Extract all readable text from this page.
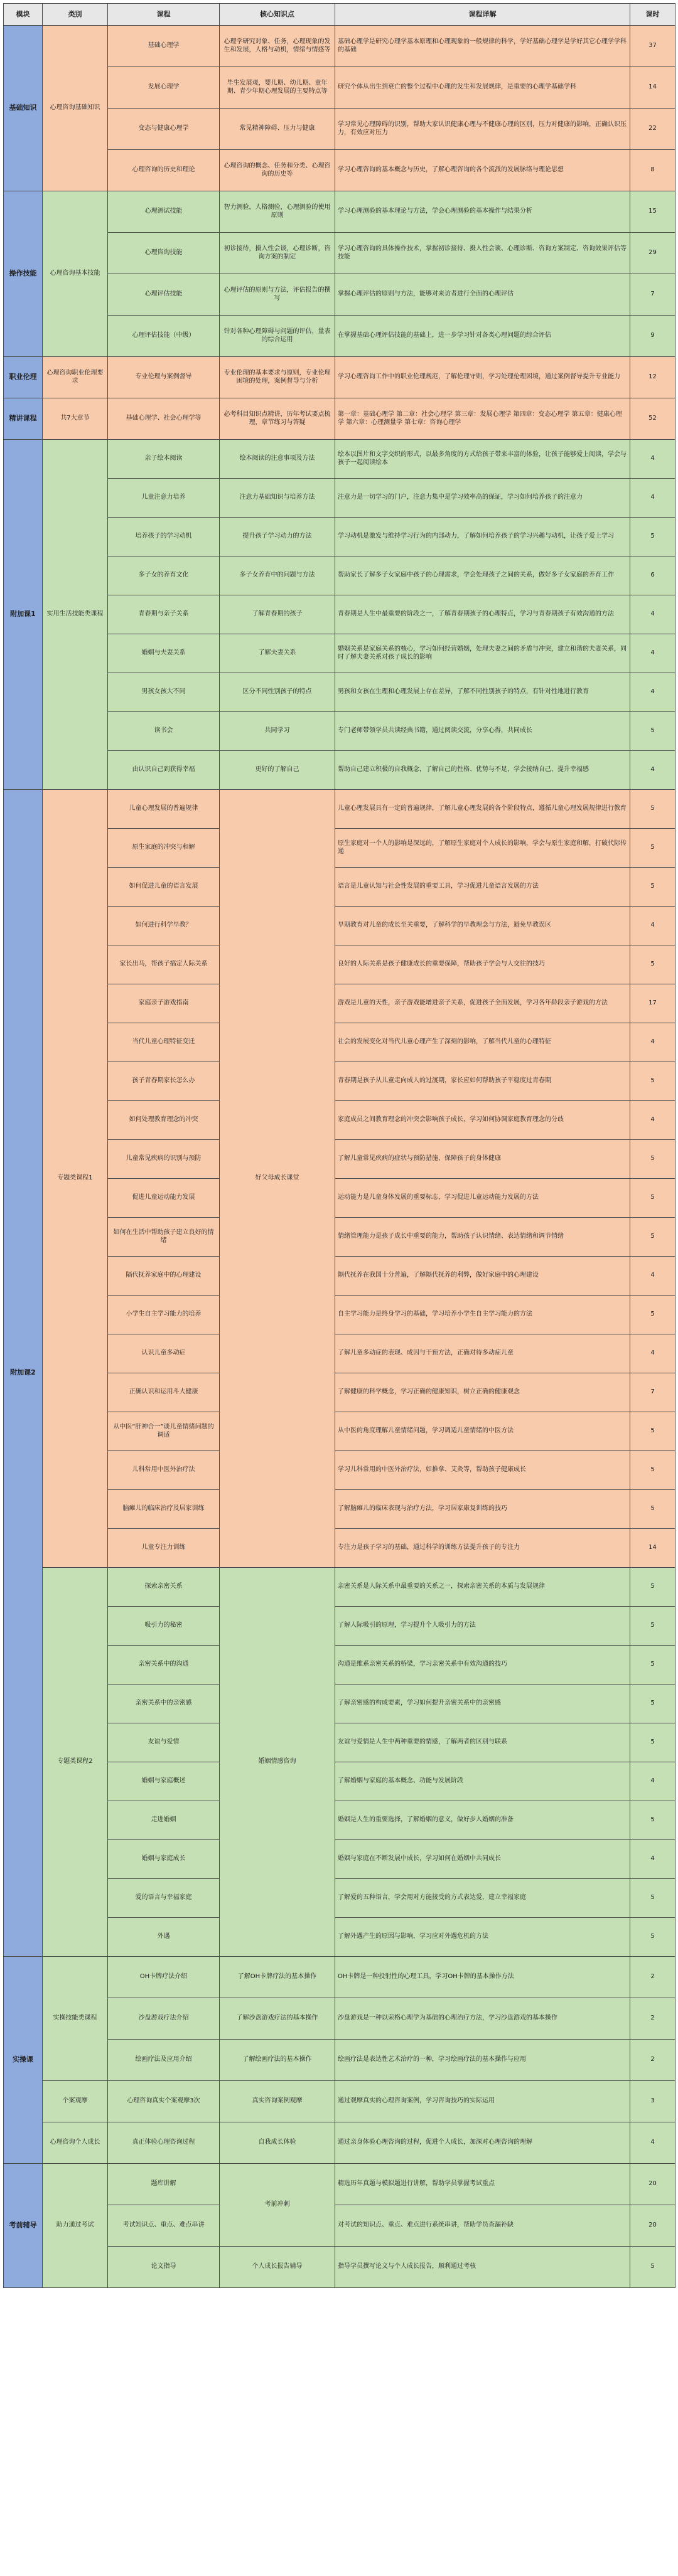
模块	类别	课程	核心知识点	课程详解	课时
基础知识	心理咨询基础知识	基础心理学	心理学研究对象、任务，心理现象的发生和发展，人格与动机，情绪与情感等	基础心理学是研究心理学基本原理和心理现象的一般规律的科学，学好基础心理学是学好其它心理学学科的基础	37
		发展心理学	毕生发展观，婴儿期、幼儿期、童年期、青少年期心理发展的主要特点等	研究个体从出生到衰亡的整个过程中心理的发生和发展规律，是重要的心理学基础学科	14
		变态与健康心理学	常见精神障碍、压力与健康	学习常见心理障碍的识别，帮助大家认识健康心理与不健康心理的区别，压力对健康的影响，正确认识压力，有效应对压力	22
		心理咨询的历史和理论	心理咨询的概念、任务和分类、心理咨询的历史等	学习心理咨询的基本概念与历史，了解心理咨询的各个流派的发展脉络与理论思想	8
操作技能	心理咨询基本技能	心理测试技能	智力测验，人格测验，心理测验的使用原则	学习心理测验的基本理论与方法，学会心理测验的基本操作与结果分析	15
		心理咨询技能	初诊接待，摄入性会谈，心理诊断，咨询方案的制定	学习心理咨询的具体操作技术，掌握初诊接待、摄入性会谈、心理诊断、咨询方案制定、咨询效果评估等技能	29
		心理评估技能	心理评估的原则与方法，评估报告的撰写	掌握心理评估的原则与方法，能够对来访者进行全面的心理评估	7
		心理评估技能（中级）	针对各种心理障碍与问题的评估，量表的综合运用	在掌握基础心理评估技能的基础上，进一步学习针对各类心理问题的综合评估	9
职业伦理	心理咨询职业伦理要求	专业伦理与案例督导	专业伦理的基本要求与原则，专业伦理困境的处理，案例督导与分析	学习心理咨询工作中的职业伦理规范，了解伦理守则，学习处理伦理困境，通过案例督导提升专业能力	12
精讲课程	共7大章节	基础心理学、社会心理学等	必考科目知识点精讲，历年考试要点梳理，章节练习与答疑	第一章：基础心理学 第二章：社会心理学 第三章：发展心理学 第四章：变态心理学 第五章：健康心理学 第六章：心理测量学 第七章：咨询心理学	52
附加课1	实用生活技能类课程	亲子绘本阅读	绘本阅读的注意事项及方法	绘本以图片和文字交织的形式，以最多角度的方式给孩子带来丰富的体验，让孩子能够爱上阅读，学会与孩子一起阅读绘本	4
		儿童注意力培养	注意力基础知识与培养方法	注意力是一切学习的门户，注意力集中是学习效率高的保证，学习如何培养孩子的注意力	4
		培养孩子的学习动机	提升孩子学习动力的方法	学习动机是激发与维持学习行为的内部动力，了解如何培养孩子的学习兴趣与动机，让孩子爱上学习	5
		多子女的养育文化	多子女养育中的问题与方法	帮助家长了解多子女家庭中孩子的心理需求，学会处理孩子之间的关系，做好多子女家庭的养育工作	6
		青春期与亲子关系	了解青春期的孩子	青春期是人生中最重要的阶段之一，了解青春期孩子的心理特点，学习与青春期孩子有效沟通的方法	4
		婚姻与夫妻关系	了解夫妻关系	婚姻关系是家庭关系的核心，学习如何经营婚姻，处理夫妻之间的矛盾与冲突，建立和谐的夫妻关系，同时了解夫妻关系对孩子成长的影响	4
		男孩女孩大不同	区分不同性别孩子的特点	男孩和女孩在生理和心理发展上存在差异，了解不同性别孩子的特点，有针对性地进行教育	4
		读书会	共同学习	专门老师带领学员共读经典书籍，通过阅读交流，分享心得，共同成长	5
		由认识自己到获得幸福	更好的了解自己	帮助自己建立积极的自我概念，了解自己的性格、优势与不足，学会接纳自己，提升幸福感	4
附加课2	专题类课程1	儿童心理发展的普遍规律	好父母成长课堂	儿童心理发展具有一定的普遍规律，了解儿童心理发展的各个阶段特点，遵循儿童心理发展规律进行教育	5
		原生家庭的冲突与和解		原生家庭对一个人的影响是深远的，了解原生家庭对个人成长的影响，学会与原生家庭和解，打破代际传递	5
		如何促进儿童的语言发展		语言是儿童认知与社会性发展的重要工具，学习促进儿童语言发展的方法	5
		如何进行科学早教？		早期教育对儿童的成长至关重要，了解科学的早教理念与方法，避免早教误区	4
		家长出马，帮孩子搞定人际关系		良好的人际关系是孩子健康成长的重要保障，帮助孩子学会与人交往的技巧	5
		家庭亲子游戏指南		游戏是儿童的天性，亲子游戏能增进亲子关系，促进孩子全面发展，学习各年龄段亲子游戏的方法	17
		当代儿童心理特征变迁		社会的发展变化对当代儿童心理产生了深刻的影响，了解当代儿童的心理特征	4
		孩子青春期家长怎么办		青春期是孩子从儿童走向成人的过渡期，家长应如何帮助孩子平稳度过青春期	5
		如何处理教育理念的冲突		家庭成员之间教育理念的冲突会影响孩子成长，学习如何协调家庭教育理念的分歧	4
		儿童常见疾病的识别与预防		了解儿童常见疾病的症状与预防措施，保障孩子的身体健康	5
		促进儿童运动能力发展		运动能力是儿童身体发展的重要标志，学习促进儿童运动能力发展的方法	5
		如何在生活中帮助孩子建立良好的情绪		情绪管理能力是孩子成长中重要的能力，帮助孩子认识情绪、表达情绪和调节情绪	5
		隔代抚养家庭中的心理建设		隔代抚养在我国十分普遍，了解隔代抚养的利弊，做好家庭中的心理建设	4
		小学生自主学习能力的培养		自主学习能力是终身学习的基础，学习培养小学生自主学习能力的方法	5
		认识儿童多动症		了解儿童多动症的表现、成因与干预方法，正确对待多动症儿童	4
		正确认识和运用斗大健康		了解健康的科学概念，学习正确的健康知识，树立正确的健康观念	7
		从中医“肝神合一”谈儿童情绪问题的调适		从中医的角度理解儿童情绪问题，学习调适儿童情绪的中医方法	5
		儿科常用中医外治疗法		学习儿科常用的中医外治疗法，如推拿、艾灸等，帮助孩子健康成长	5
		脑瘫儿的临床治疗及居家训练		了解脑瘫儿的临床表现与治疗方法，学习居家康复训练的技巧	5
		儿童专注力训练		专注力是孩子学习的基础，通过科学的训练方法提升孩子的专注力	14
	专题类课程2	探索亲密关系	婚姻情感咨询	亲密关系是人际关系中最重要的关系之一，探索亲密关系的本质与发展规律	5
		吸引力的秘密		了解人际吸引的原理，学习提升个人吸引力的方法	5
		亲密关系中的沟通		沟通是维系亲密关系的桥梁，学习亲密关系中有效沟通的技巧	5
		亲密关系中的亲密感		了解亲密感的构成要素，学习如何提升亲密关系中的亲密感	5
		友谊与爱情		友谊与爱情是人生中两种重要的情感，了解两者的区别与联系	5
		婚姻与家庭概述		了解婚姻与家庭的基本概念、功能与发展阶段	4
		走进婚姻		婚姻是人生的重要选择，了解婚姻的意义，做好步入婚姻的准备	5
		婚姻与家庭成长		婚姻与家庭在不断发展中成长，学习如何在婚姻中共同成长	4
		爱的语言与幸福家庭		了解爱的五种语言，学会用对方能接受的方式表达爱，建立幸福家庭	5
		外遇		了解外遇产生的原因与影响，学习应对外遇危机的方法	5
实操课	实操技能类课程	OH卡牌疗法介绍	了解OH卡牌疗法的基本操作	OH卡牌是一种投射性的心理工具，学习OH卡牌的基本操作方法	2
		沙盘游戏疗法介绍	了解沙盘游戏疗法的基本操作	沙盘游戏是一种以荣格心理学为基础的心理治疗方法，学习沙盘游戏的基本操作	2
		绘画疗法及应用介绍	了解绘画疗法的基本操作	绘画疗法是表达性艺术治疗的一种，学习绘画疗法的基本操作与应用	2
	个案观摩	心理咨询真实个案观摩3次	真实咨询案例观摩	通过观摩真实的心理咨询案例，学习咨询技巧的实际运用	3
	心理咨询个人成长	真正体验心理咨询过程	自我成长体验	通过亲身体验心理咨询的过程，促进个人成长，加深对心理咨询的理解	4
考前辅导	助力通过考试	题库讲解	考前冲刺	精选历年真题与模拟题进行讲解，帮助学员掌握考试重点	20
		考试知识点、重点、难点串讲		对考试的知识点、重点、难点进行系统串讲，帮助学员查漏补缺	20
		论文指导	个人成长报告辅导	指导学员撰写论文与个人成长报告，顺利通过考核	5
